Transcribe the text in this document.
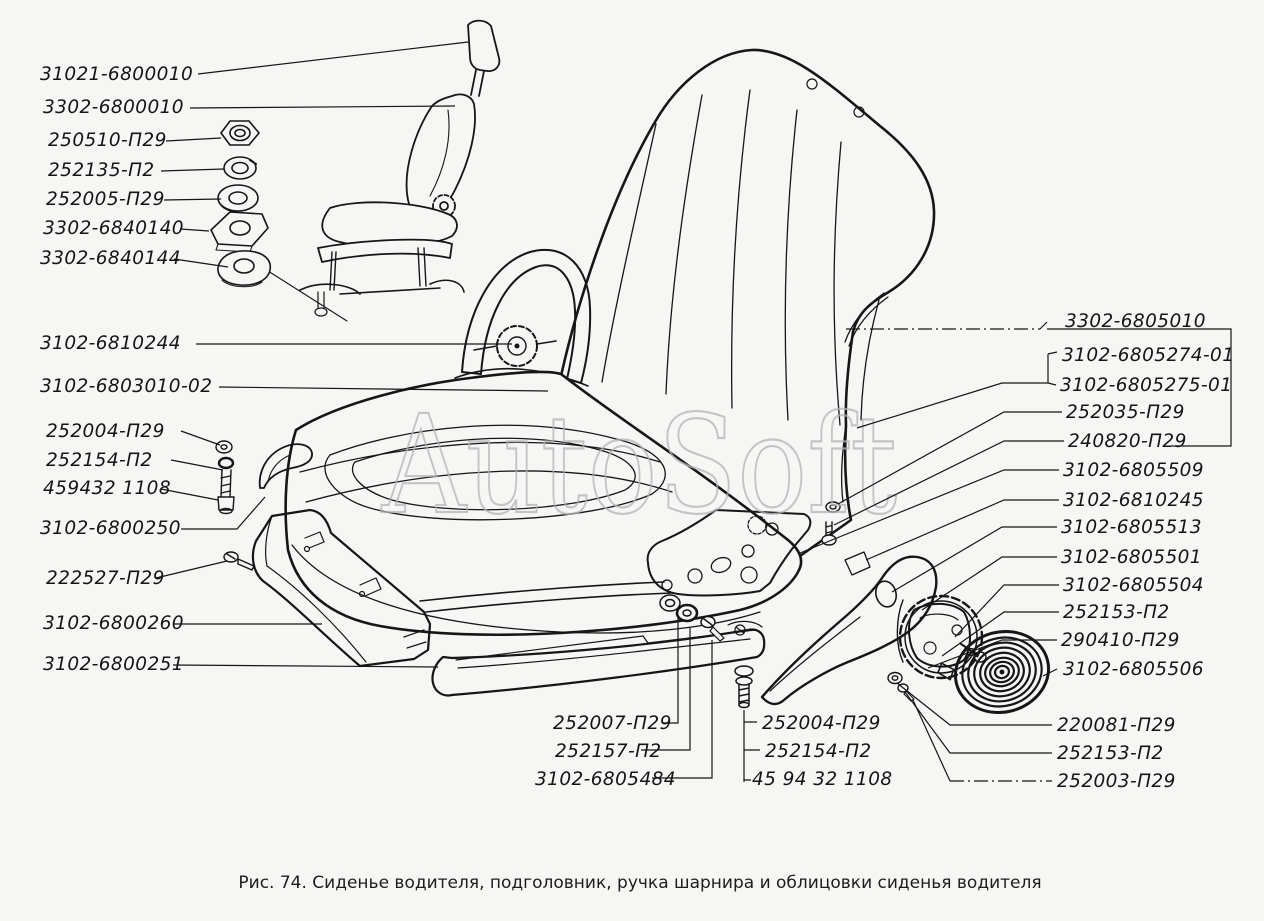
AutoSoft
31021-6800010
3302-6800010
250510-П29
252135-П2
252005-П29
3302-6840140
3302-6840144
3102-6810244
3102-6803010-02
252004-П29
252154-П2
459432 1108
3102-6800250
222527-П29
3102-6800260
3102-6800251
3302-6805010
3102-6805274-01
3102-6805275-01
252035-П29
240820-П29
3102-6805509
3102-6810245
3102-6805513
3102-6805501
3102-6805504
252153-П2
290410-П29
3102-6805506
220081-П29
252153-П2
252003-П29
252007-П29
252157-П2
3102-6805484
252004-П29
252154-П2
45 94 32 1108
Рис. 74. Сиденье водителя, подголовник, ручка шарнира и облицовки сиденья водителя
